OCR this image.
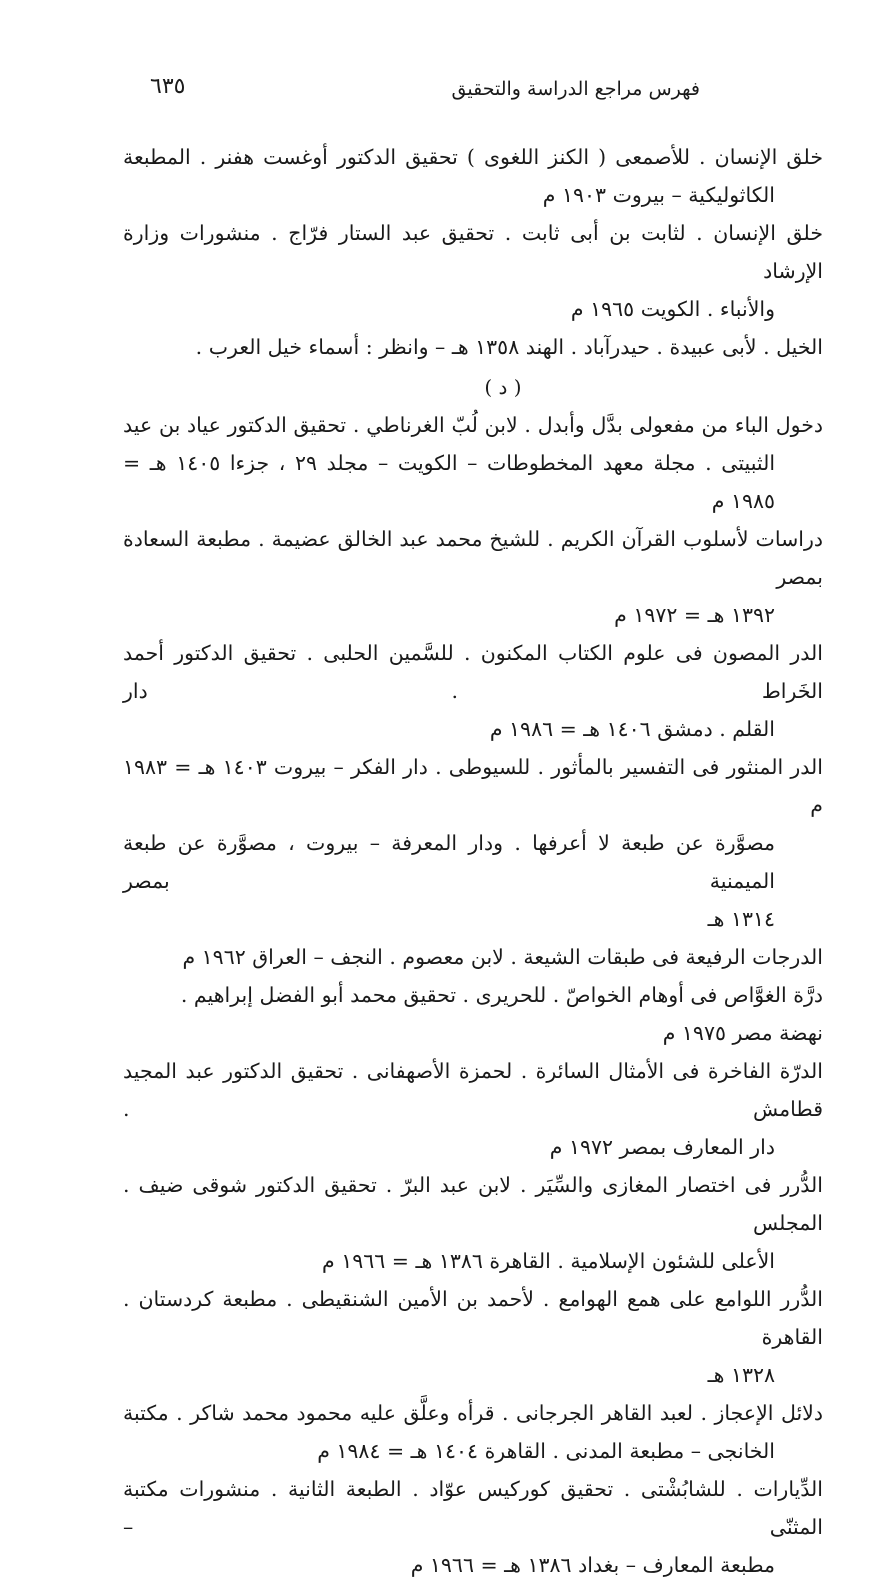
فهرس مراجع الدراسة والتحقيق
٦٣٥
خلق الإنسان . للأصمعى ( الكنز اللغوى ) تحقيق الدكتور أوغست هفنر . المطبعة
الكاثوليكية – بيروت ١٩٠٣ م
خلق الإنسان . لثابت بن أبى ثابت . تحقيق عبد الستار فرّاج . منشورات وزارة الإرشاد
والأنباء . الكويت ١٩٦٥ م
الخيل . لأبى عبيدة . حيدرآباد . الهند ١٣٥٨ هـ – وانظر : أسماء خيل العرب .
( د )
دخول الباء من مفعولى بدَّل وأبدل . لابن لُبّ الغرناطي . تحقيق الدكتور عياد بن عيد
الثبيتى . مجلة معهد المخطوطات – الكويت – مجلد ٢٩ ، جزءا ١٤٠٥ هـ =
١٩٨٥ م
دراسات لأسلوب القرآن الكريم . للشيخ محمد عبد الخالق عضيمة . مطبعة السعادة بمصر
١٣٩٢ هـ = ١٩٧٢ م
الدر المصون فى علوم الكتاب المكنون . للسَّمين الحلبى . تحقيق الدكتور أحمد الخَراط . دار
القلم . دمشق ١٤٠٦ هـ = ١٩٨٦ م
الدر المنثور فى التفسير بالمأثور . للسيوطى . دار الفكر – بيروت ١٤٠٣ هـ = ١٩٨٣ م
مصوَّرة عن طبعة لا أعرفها . ودار المعرفة – بيروت ، مصوَّرة عن طبعة الميمنية بمصر
١٣١٤ هـ
الدرجات الرفيعة فى طبقات الشيعة . لابن معصوم . النجف – العراق ١٩٦٢ م
درَّة الغوَّاص فى أوهام الخواصّ . للحريرى . تحقيق محمد أبو الفضل إبراهيم .
نهضة مصر ١٩٧٥ م
الدرّة الفاخرة فى الأمثال السائرة . لحمزة الأصهفانى . تحقيق الدكتور عبد المجيد قطامش .
دار المعارف بمصر ١٩٧٢ م
الدُّرر فى اختصار المغازى والسِّيَر . لابن عبد البرّ . تحقيق الدكتور شوقى ضيف . المجلس
الأعلى للشئون الإسلامية . القاهرة ١٣٨٦ هـ = ١٩٦٦ م
الدُّرر اللوامع على همع الهوامع . لأحمد بن الأمين الشنقيطى . مطبعة كردستان . القاهرة
١٣٢٨ هـ
دلائل الإعجاز . لعبد القاهر الجرجانى . قرأه وعلَّق عليه محمود محمد شاكر . مكتبة
الخانجى – مطبعة المدنى . القاهرة ١٤٠٤ هـ = ١٩٨٤ م
الدِّيارات . للشابُشْتى . تحقيق كوركيس عوّاد . الطبعة الثانية . منشورات مكتبة المثنّى –
مطبعة المعارف – بغداد ١٣٨٦ هـ = ١٩٦٦ م
